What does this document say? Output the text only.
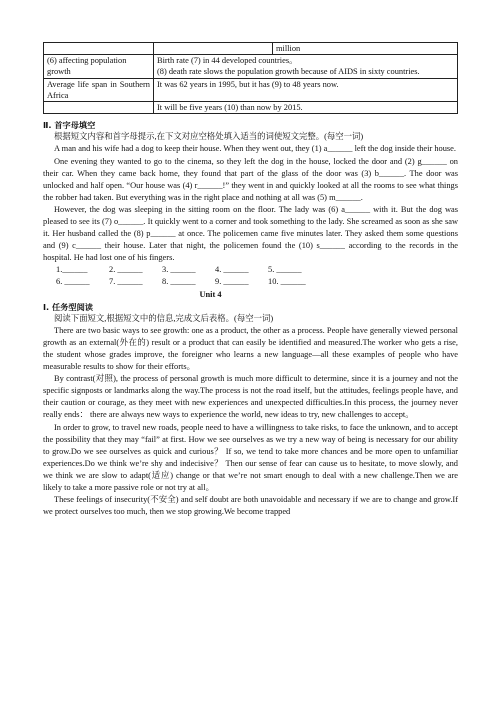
		million
(6) affecting population growth	Birth rate (7) in 44 developed countries。
(8) death rate slows the population growth because of AIDS in sixty countries.	

Average life span in Southern Africa	It was 62 years in 1995, but it has (9) to 48 years now.	
	It will be five years (10) than now by 2015.	
Ⅱ. 首字母填空
根据短文内容和首字母提示,在下文对应空格处填入适当的词使短文完整。(每空一词)

A man and his wife had a dog to keep their house. When they went out, they (1) a______ left the dog inside their house.

One evening they wanted to go to the cinema, so they left the dog in the house, locked the door and (2) g______ on their car. When they came back home, they found that part of the glass of the door was (3) b______. The door was unlocked and half open. “Our house was (4) r______!” they went in and quickly looked at all the rooms to see what things the robber had taken. But everything was in the right place and nothing at all was (5) m______.

However, the dog was sleeping in the sitting room on the floor. The lady was (6) a______ with it. But the dog was pleased to see its (7) o______. It quickly went to a corner and took something to the lady. She screamed as soon as she saw it. Her husband called the (8) p______ at once. The policemen came five minutes later. They asked them some questions and (9) c______ their house. Later that night, the policemen found the (10) s______ according to the records in the hospital. He had lost one of his fingers.

1.______	2. ______	3. ______	4. ______	5. ______
6. ______	7. ______	8. ______	9. ______	10. ______
Unit 4
Ⅰ. 任务型阅读
阅读下面短文,根据短文中的信息,完成文后表格。(每空一词)

There are two basic ways to see growth: one as a product, the other as a process. People have generally viewed personal growth as an external(外在的) result or a product that can easily be identified and measured.The worker who gets a rise, the student whose grades improve, the foreigner who learns a new language—all these examples of people who have measurable results to show for their efforts。

By contrast(对照), the process of personal growth is much more difficult to determine, since it is a journey and not the specific signposts or landmarks along the way.The process is not the road itself, but the attitudes, feelings people have, and their caution or courage, as they meet with new experiences and unexpected difficulties.In this process, the journey never really ends： there are always new ways to experience the world, new ideas to try, new challenges to accept。

In order to grow, to travel new roads, people need to have a willingness to take risks, to face the unknown, and to accept the possibility that they may “fail” at first. How we see ourselves as we try a new way of being is necessary for our ability to grow.Do we see ourselves as quick and curious？ If so, we tend to take more chances and be more open to unfamiliar experiences.Do we think we’re shy and indecisive？ Then our sense of fear can cause us to hesitate, to move slowly, and we think we are slow to adapt(适应) change or that we’re not smart enough to deal with a new challenge.Then we are likely to take a more passive role or not try at all。

These feelings of insecurity(不安全) and self doubt are both unavoidable and necessary if we are to change and grow.If we protect ourselves too much, then we stop growing.We become trapped
